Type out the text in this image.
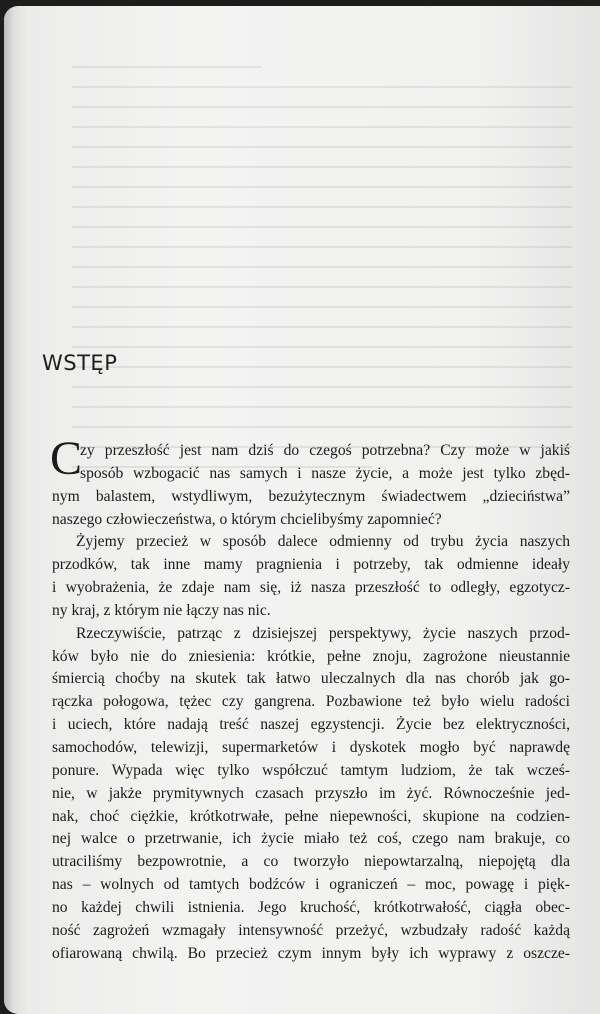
WSTĘP
C
zy przeszłość jest nam dziś do czegoś potrzebna? Czy może w jakiś
sposób wzbogacić nas samych i nasze życie, a może jest tylko zbęd-
nym balastem, wstydliwym, bezużytecznym świadectwem „dzieciństwa”
naszego człowieczeństwa, o którym chcielibyśmy zapomnieć?
Żyjemy przecież w sposób dalece odmienny od trybu życia naszych
przodków, tak inne mamy pragnienia i potrzeby, tak odmienne ideały
i wyobrażenia, że zdaje nam się, iż nasza przeszłość to odległy, egzotycz-
ny kraj, z którym nie łączy nas nic.
Rzeczywiście, patrząc z dzisiejszej perspektywy, życie naszych przod-
ków było nie do zniesienia: krótkie, pełne znoju, zagrożone nieustannie
śmiercią choćby na skutek tak łatwo uleczalnych dla nas chorób jak go-
rączka połogowa, tężec czy gangrena. Pozbawione też było wielu radości
i uciech, które nadają treść naszej egzystencji. Życie bez elektryczności,
samochodów, telewizji, supermarketów i dyskotek mogło być naprawdę
ponure. Wypada więc tylko współczuć tamtym ludziom, że tak wcześ-
nie, w jakże prymitywnych czasach przyszło im żyć. Równocześnie jed-
nak, choć ciężkie, krótkotrwałe, pełne niepewności, skupione na codzien-
nej walce o przetrwanie, ich życie miało też coś, czego nam brakuje, co
utraciliśmy bezpowrotnie, a co tworzyło niepowtarzalną, niepojętą dla
nas – wolnych od tamtych bodźców i ograniczeń – moc, powagę i pięk-
no każdej chwili istnienia. Jego kruchość, krótkotrwałość, ciągła obec-
ność zagrożeń wzmagały intensywność przeżyć, wzbudzały radość każdą
ofiarowaną chwilą. Bo przecież czym innym były ich wyprawy z oszcze-
